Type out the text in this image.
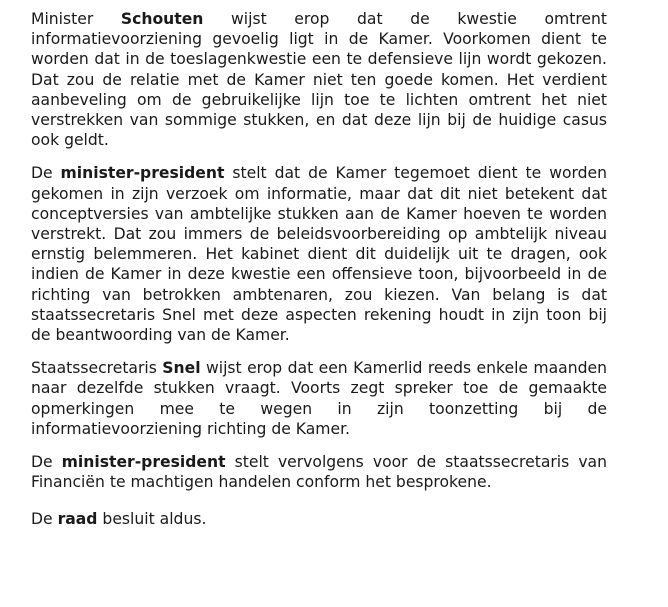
Minister Schouten wijst erop dat de kwestie omtrent informatievoorziening gevoelig ligt in de Kamer. Voorkomen dient te worden dat in de toeslagenkwestie een te defensieve lijn wordt gekozen. Dat zou de relatie met de Kamer niet ten goede komen. Het verdient aanbeveling om de gebruikelijke lijn toe te lichten omtrent het niet verstrekken van sommige stukken, en dat deze lijn bij de huidige casus ook geldt.

De minister-president stelt dat de Kamer tegemoet dient te worden gekomen in zijn verzoek om informatie, maar dat dit niet betekent dat conceptversies van ambtelijke stukken aan de Kamer hoeven te worden verstrekt. Dat zou immers de beleidsvoorbereiding op ambtelijk niveau ernstig belemmeren. Het kabinet dient dit duidelijk uit te dragen, ook indien de Kamer in deze kwestie een offensieve toon, bijvoorbeeld in de richting van betrokken ambtenaren, zou kiezen. Van belang is dat staatssecretaris Snel met deze aspecten rekening houdt in zijn toon bij de beantwoording van de Kamer.

Staatssecretaris Snel wijst erop dat een Kamerlid reeds enkele maanden naar dezelfde stukken vraagt. Voorts zegt spreker toe de gemaakte opmerkingen mee te wegen in zijn toonzetting bij de informatievoorziening richting de Kamer.

De minister-president stelt vervolgens voor de staatssecretaris van Financiën te machtigen handelen conform het besprokene.

De raad besluit aldus.
